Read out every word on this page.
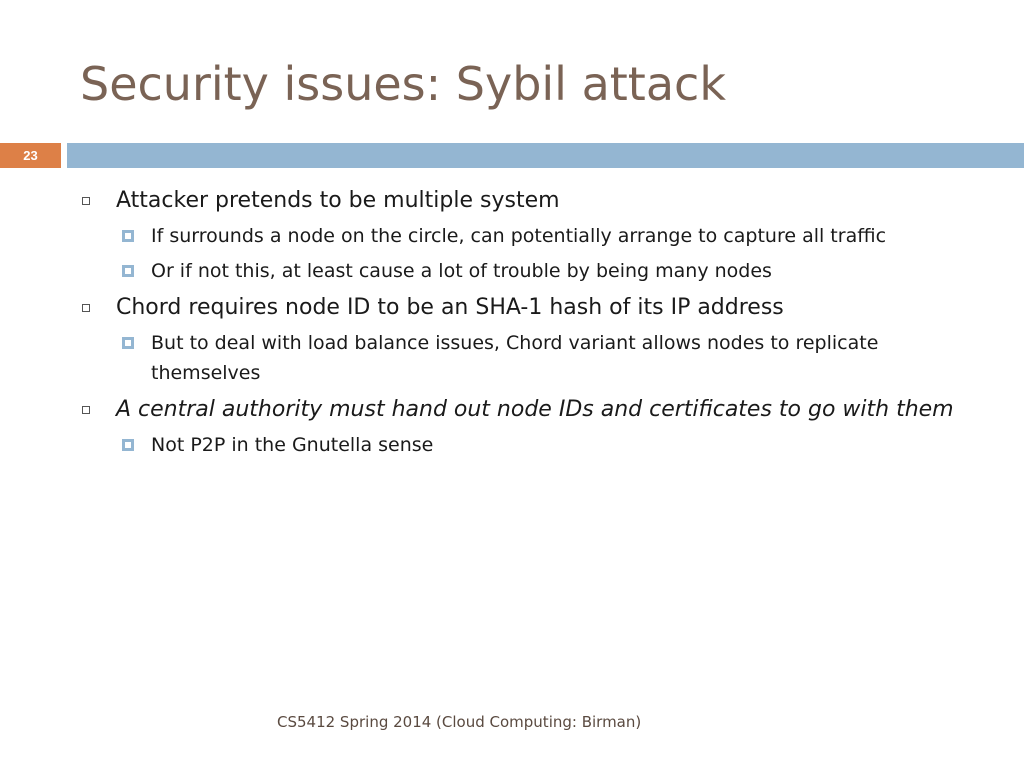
Security issues: Sybil attack
23
Attacker pretends to be multiple system
If surrounds a node on the circle, can potentially arrange to capture all traffic
Or if not this, at least cause a lot of trouble by being many nodes
Chord requires node ID to be an SHA-1 hash of its IP address
But to deal with load balance issues, Chord variant allows nodes to replicate themselves
A central authority must hand out node IDs and certificates to go with them
Not P2P in the Gnutella sense
CS5412 Spring 2014 (Cloud Computing: Birman)
